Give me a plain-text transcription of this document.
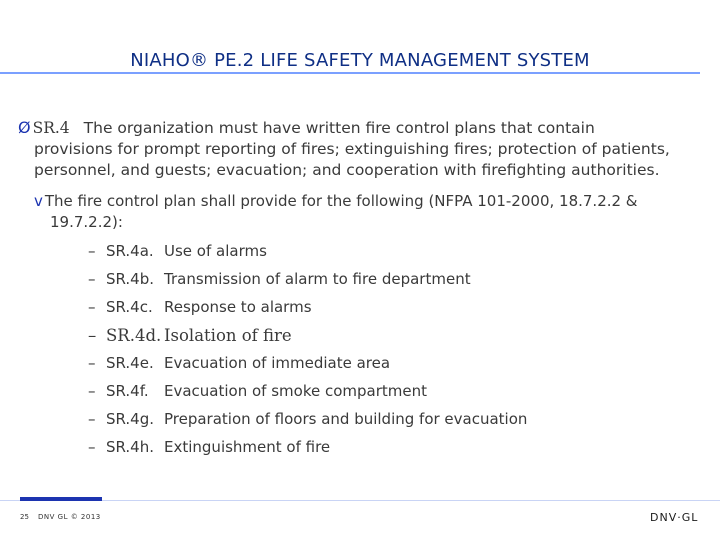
NIAHO® PE.2 LIFE SAFETY MANAGEMENT SYSTEM
Ø SR.4 The organization must have written fire control plans that contain
provisions for prompt reporting of fires; extinguishing fires; protection of patients, personnel, and guests; evacuation; and cooperation with firefighting authorities.
v The fire control plan shall provide for the following (NFPA 101-2000, 18.7.2.2 &
19.7.2.2):
– SR.4a. Use of alarms
– SR.4b. Transmission of alarm to fire department
– SR.4c. Response to alarms
– SR.4d. Isolation of fire
– SR.4e. Evacuation of immediate area
– SR.4f.	Evacuation of smoke compartment
– SR.4g. Preparation of floors and building for evacuation
– SR.4h. Extinguishment of fire
25 DNV GL © 2013	DNV·GL
